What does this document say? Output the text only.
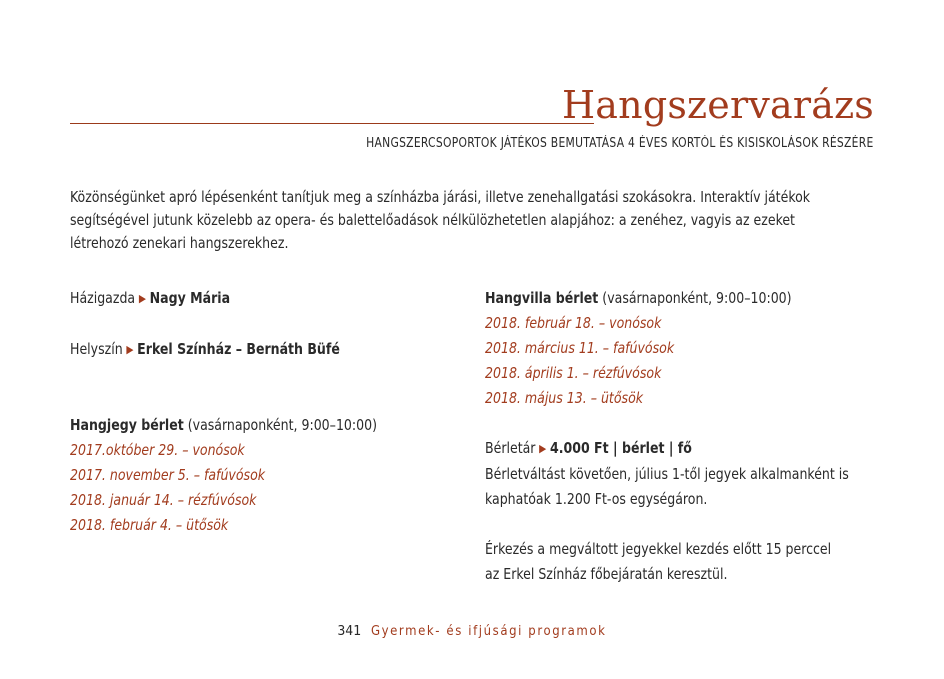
Hangszervarázs
HANGSZERCSOPORTOK JÁTÉKOS BEMUTATÁSA 4 ÉVES KORTÓL ÉS KISISKOLÁSOK RÉSZÉRE
Közönségünket apró lépésenként tanítjuk meg a színházba járási, illetve zenehallgatási szokásokra. Interaktív játékok segítségével jutunk közelebb az opera- és balettelőadások nélkülözhetetlen alapjához: a zenéhez, vagyis az ezeket létrehozó zenekari hangszerekhez.
Házigazda ▶ Nagy Mária
Helyszín ▶ Erkel Színház – Bernáth Büfé
Hangjegy bérlet (vasárnaponként, 9:00–10:00)
2017.október 29. – vonósok
2017. november 5. – fafúvósok
2018. január 14. – rézfúvósok
2018. február 4. – ütősök
Hangvilla bérlet (vasárnaponként, 9:00–10:00)
2018. február 18. – vonósok
2018. március 11. – fafúvósok
2018. április 1. – rézfúvósok
2018. május 13. – ütősök
Bérletár ▶ 4.000 Ft | bérlet | fő
Bérletváltást követően, július 1-től jegyek alkalmanként is
kaphatóak 1.200 Ft-os egységáron.
Érkezés a megváltott jegyekkel kezdés előtt 15 perccel
az Erkel Színház főbejáratán keresztül.
341 Gyermek- és ifjúsági programok
